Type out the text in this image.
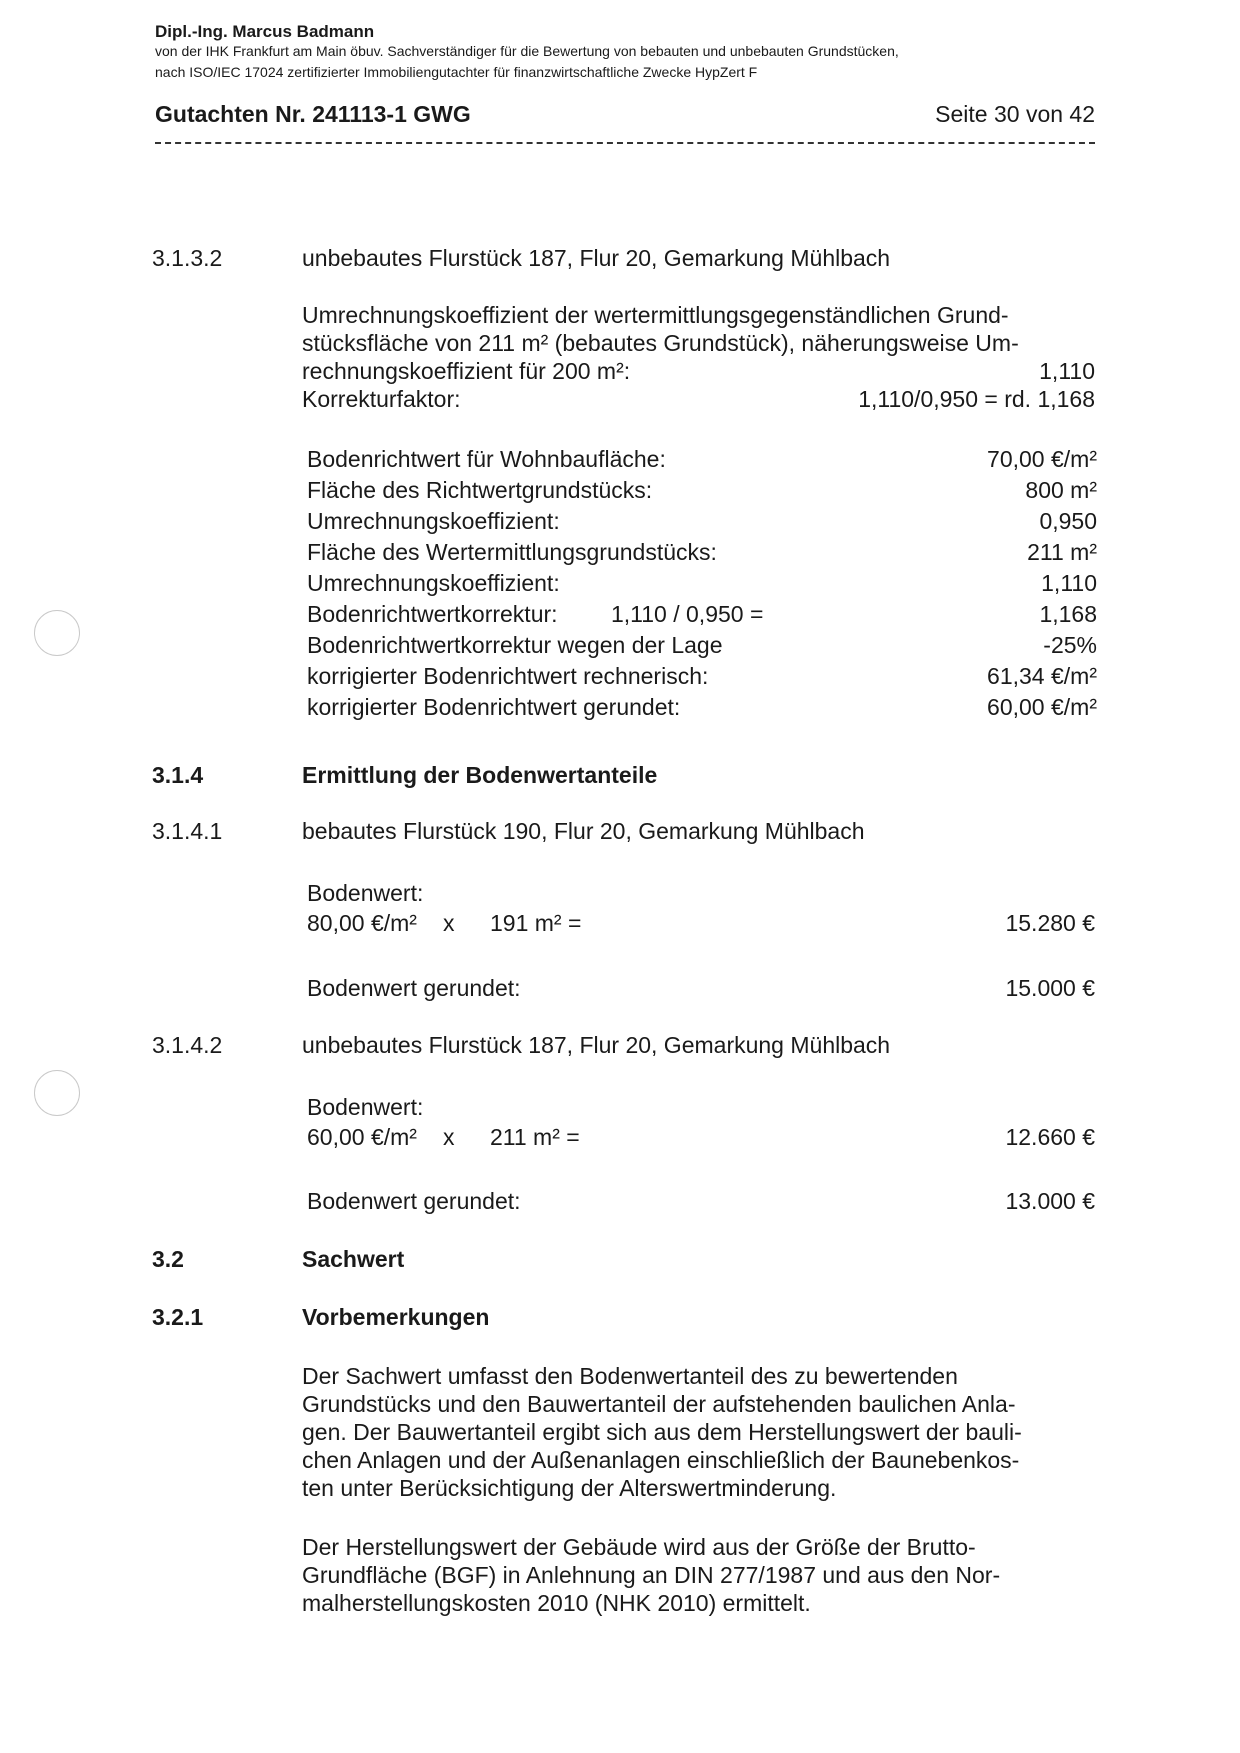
Dipl.-Ing. Marcus Badmann
von der IHK Frankfurt am Main öbuv. Sachverständiger für die Bewertung von bebauten und unbebauten Grundstücken,
nach ISO/IEC 17024 zertifizierter Immobiliengutachter für finanzwirtschaftliche Zwecke HypZert F
Gutachten Nr. 241113-1 GWG	Seite 30 von 42
3.1.3.2	unbebautes Flurstück 187, Flur 20, Gemarkung Mühlbach
Umrechnungskoeffizient der wertermittlungsgegenständlichen Grund-
stücksfläche von 211 m² (bebautes Grundstück), näherungsweise Um-
rechnungskoeffizient für 200 m²:	1,110
Korrekturfaktor:	1,110/0,950 = rd. 1,168
Bodenrichtwert für Wohnbaufläche:	70,00 €/m²
Fläche des Richtwertgrundstücks:	800 m²
Umrechnungskoeffizient:	0,950
Fläche des Wertermittlungsgrundstücks:	211 m²
Umrechnungskoeffizient:	1,110
Bodenrichtwertkorrektur: 1,110 / 0,950 =	1,168
Bodenrichtwertkorrektur wegen der Lage	-25%
korrigierter Bodenrichtwert rechnerisch:	61,34 €/m²
korrigierter Bodenrichtwert gerundet:	60,00 €/m²
3.1.4	Ermittlung der Bodenwertanteile
3.1.4.1	bebautes Flurstück 190, Flur 20, Gemarkung Mühlbach
Bodenwert:
80,00 €/m² x 191 m² =	15.280 €
Bodenwert gerundet:	15.000 €
3.1.4.2	unbebautes Flurstück 187, Flur 20, Gemarkung Mühlbach
Bodenwert:
60,00 €/m² x 211 m² =	12.660 €
Bodenwert gerundet:	13.000 €
3.2	Sachwert
3.2.1	Vorbemerkungen
Der Sachwert umfasst den Bodenwertanteil des zu bewertenden
Grundstücks und den Bauwertanteil der aufstehenden baulichen Anla-
gen. Der Bauwertanteil ergibt sich aus dem Herstellungswert der bauli-
chen Anlagen und der Außenanlagen einschließlich der Baunebenkos-
ten unter Berücksichtigung der Alterswertminderung.
Der Herstellungswert der Gebäude wird aus der Größe der Brutto-
Grundfläche (BGF) in Anlehnung an DIN 277/1987 und aus den Nor-
malherstellungskosten 2010 (NHK 2010) ermittelt.
